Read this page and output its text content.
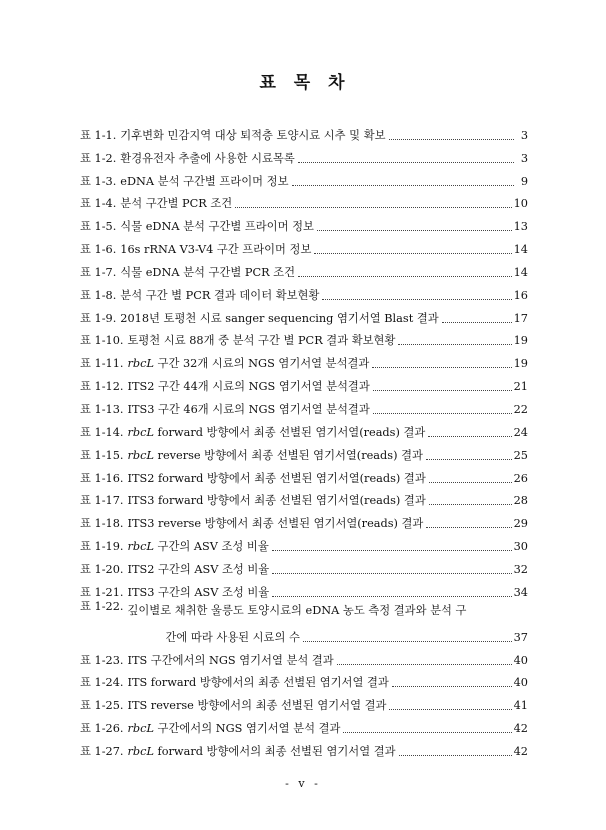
표 목 차
표 1-1. 기후변화 민감지역 대상 퇴적층 토양시료 시추 및 확보	3
표 1-2. 환경유전자 추출에 사용한 시료목록	3
표 1-3. eDNA 분석 구간별 프라이머 정보	9
표 1-4. 분석 구간별 PCR 조건	10
표 1-5. 식물 eDNA 분석 구간별 프라이머 정보	13
표 1-6. 16s rRNA V3-V4 구간 프라이머 정보	14
표 1-7. 식물 eDNA 분석 구간별 PCR 조건	14
표 1-8. 분석 구간 별 PCR 결과 데이터 확보현황	16
표 1-9. 2018년 토평천 시료 sanger sequencing 염기서열 Blast 결과	17
표 1-10. 토평천 시료 88개 중 분석 구간 별 PCR 결과 확보현황	19
표 1-11. rbcL 구간 32개 시료의 NGS 염기서열 분석결과	19
표 1-12. ITS2 구간 44개 시료의 NGS 염기서열 분석결과	21
표 1-13. ITS3 구간 46개 시료의 NGS 염기서열 분석결과	22
표 1-14. rbcL forward 방향에서 최종 선별된 염기서열(reads) 결과	24
표 1-15. rbcL reverse 방향에서 최종 선별된 염기서열(reads) 결과	25
표 1-16. ITS2 forward 방향에서 최종 선별된 염기서열(reads) 결과	26
표 1-17. ITS3 forward 방향에서 최종 선별된 염기서열(reads) 결과	28
표 1-18. ITS3 reverse 방향에서 최종 선별된 염기서열(reads) 결과	29
표 1-19. rbcL 구간의 ASV 조성 비율	30
표 1-20. ITS2 구간의 ASV 조성 비율	32
표 1-21. ITS3 구간의 ASV 조성 비율	34
표 1-22. 깊이별로 채취한 울릉도 토양시료의 eDNA 농도 측정 결과와 분석 구
간에 따라 사용된 시료의 수	37
표 1-23. ITS 구간에서의 NGS 염기서열 분석 결과	40
표 1-24. ITS forward 방향에서의 최종 선별된 염기서열 결과	40
표 1-25. ITS reverse 방향에서의 최종 선별된 염기서열 결과	41
표 1-26. rbcL 구간에서의 NGS 염기서열 분석 결과	42
표 1-27. rbcL forward 방향에서의 최종 선별된 염기서열 결과	42
- v -
